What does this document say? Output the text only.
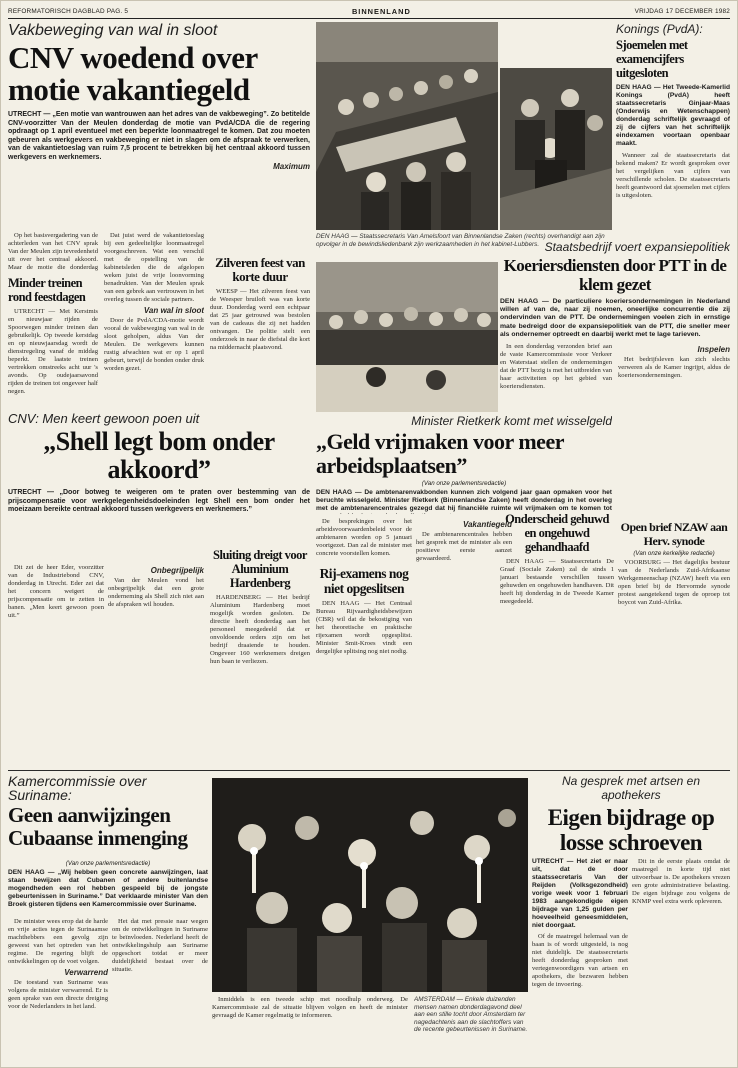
REFORMATORISCH DAGBLAD PAG. 5	BINNENLAND	VRIJDAG 17 DECEMBER 1982
Vakbeweging van wal in sloot
CNV woedend over motie vakantiegeld
UTRECHT — „Een motie van wantrouwen aan het adres van de vakbeweging”. Zo betitelde CNV-voorzitter Van der Meulen donderdag de motie van PvdA/CDA die de regering opdraagt op 1 april eventueel met een beperkte loonmaatregel te komen. Dat zou moeten gebeuren als werkgevers en vakbeweging er niet in slagen om de afspraak te verwerken, van de vakantietoeslag van ruim 7,5 procent te betrekken bij het centraal akkoord tussen werkgevers en werknemers.

Op het basisvergadering van de achterleden van het CNV sprak Van der Meulen zijn tevredenheid uit over het centraal akkoord. Maar de motie die donderdag

Dat juist werd de vakantietoeslag bij een gedeeltelijke loonmaatregel voorgeschreven. Wat een verschil met de opstelling van de kabinetsleden die de afgelopen weken juist de vrije loonvorming benadrukten. Van der Meulen sprak van een gebrek aan vertrouwen in het overleg tussen de sociale partners.

Van wal in sloot

Door de PvdA/CDA-motie wordt vooral de vakbeweging van wal in de sloot geholpen, aldus Van der Meulen. De werkgevers kunnen rustig afwachten wat er op 1 april gebeurt, terwijl de bonden onder druk worden gezet.

Maximum
Minder treinen rond feestdagen

UTRECHT — Met Kerstmis en nieuwjaar rijden de Spoorwegen minder treinen dan gebruikelijk. Op tweede kerstdag en op nieuwjaarsdag wordt de dienstregeling vanaf de middag beperkt. De laatste treinen vertrekken omstreeks acht uur 's avonds. Op oudejaarsavond rijden de treinen tot ongeveer half negen.

Zilveren feest van korte duur

WEESP — Het zilveren feest van de Weesper bruiloft was van korte duur. Donderdag werd een echtpaar dat 25 jaar getrouwd was bestolen van de cadeaus die zij net hadden ontvangen. De politie stelt een onderzoek in naar de diefstal die kort na middernacht plaatsvond.

DEN HAAG — Staatssecretaris Van Amelsfoort van Binnenlandse Zaken (rechts) overhandigt aan zijn opvolger in de bewindsliedenbank zijn werkzaamheden in het kabinet-Lubbers.
Konings (PvdA):
Sjoemelen met examencijfers uitgesloten
DEN HAAG — Het Tweede-Kamerlid Konings (PvdA) heeft staatssecretaris Ginjaar-Maas (Onderwijs en Wetenschappen) donderdag schriftelijk gevraagd of zij de cijfers van het schriftelijk eindexamen voortaan openbaar maakt.

Wanneer zal de staatssecretaris dat bekend maken? Er wordt gesproken over het vergelijken van cijfers van verschillende scholen. De staatssecretaris heeft geantwoord dat sjoemelen met cijfers is uitgesloten.

Minister Rietkerk komt met wisselgeld
„Geld vrijmaken voor meer arbeidsplaatsen”
(Van onze parlementsredactie)
DEN HAAG — De ambtenarenvakbonden kunnen zich volgend jaar gaan opmaken voor het beruchte wisselgeld. Minister Rietkerk (Binnenlandse Zaken) heeft donderdag in het overleg met de ambtenarencentrales gezegd dat hij financiële ruimte wil vrijmaken om te komen tot

De besprekingen over het arbeidsvoorwaardenbeleid voor de ambtenaren worden op 5 januari voortgezet. Dan zal de minister met concrete voorstellen komen.

Vakantiegeld

De ambtenarencentrales hebben het gesprek met de minister als een positieve eerste aanzet gewaardeerd.

Rij-examens nog niet opgeslitsen

DEN HAAG — Het Centraal Bureau Rijvaardigheidsbewijzen (CBR) wil dat de bekostiging van het theoretische en praktische rijexamen wordt opgesplitst. Minister Smit-Kroes vindt een dergelijke splitsing nog niet nodig.

Staatsbedrijf voert expansiepolitiek
Koeriersdiensten door PTT in de klem gezet
DEN HAAG — De particuliere koeriersondernemingen in Nederland willen af van de, naar zij noemen, oneerlijke concurrentie die zij ondervinden van de PTT. De ondernemingen voelen zich in ernstige mate bedreigd door de expansiepolitiek van de PTT, die sneller meer als ondernemer optreedt en daarbij werkt met te lage tarieven.

In een donderdag verzonden brief aan de vaste Kamercommissie voor Verkeer en Waterstaat stellen de ondernemingen dat de PTT bezig is met het uitbreiden van haar activiteiten op het gebied van koeriersdiensten.

Inspelen

Het bedrijfsleven kan zich slechts verweren als de Kamer ingrijpt, aldus de koeriersondernemingen.

Onderscheid gehuwd en ongehuwd gehandhaafd

DEN HAAG — Staatssecretaris De Graaf (Sociale Zaken) zal de sinds 1 januari bestaande verschillen tussen gehuwden en ongehuwden handhaven. Dit heeft hij donderdag in de Tweede Kamer meegedeeld.

Open brief NZAW aan Herv. synode
(Van onze kerkelijke redactie)

VOORBURG — Het dagelijks bestuur van de Nederlands Zuid-Afrikaanse Werkgemeenschap (NZAW) heeft via een open brief bij de Hervormde synode protest aangetekend tegen de oproep tot boycot van Zuid-Afrika.

CNV: Men keert gewoon poen uit
„Shell legt bom onder akkoord”
UTRECHT — „Door botweg te weigeren om te praten over bestemming van de prijscompensatie voor werkgelegenheidsdoeleinden legt Shell een bom onder het moeizaam bereikte centraal akkoord tussen werkgevers en werknemers.”

Dit zei de heer Eder, voorzitter van de Industriebond CNV, donderdag in Utrecht. Eder zei dat het concern weigert de prijscompensatie om te zetten in banen. „Men keert gewoon poen uit.”

Onbegrijpelijk

Van der Meulen vond het onbegrijpelijk dat een grote onderneming als Shell zich niet aan de afspraken wil houden.

Sluiting dreigt voor Aluminium Hardenberg

HARDENBERG — Het bedrijf Aluminium Hardenberg moet mogelijk worden gesloten. De directie heeft donderdag aan het personeel meegedeeld dat er onvoldoende orders zijn om het bedrijf draaiende te houden. Ongeveer 160 werknemers dreigen hun baan te verliezen.

Kamercommissie over Suriname:
Geen aanwijzingen Cubaanse inmenging
(Van onze parlementsredactie)
DEN HAAG — „Wij hebben geen concrete aanwijzingen, laat staan bewijzen dat Cubanen of andere buitenlandse mogendheden een rol hebben gespeeld bij de jongste gebeurtenissen in Suriname.” Dat verklaarde minister Van den Broek gisteren tijdens een Kamercommissie over Suriname.

De minister wees erop dat de harde en vrije acties tegen de Surinaamse machthebbers een gevolg zijn geweest van het optreden van het regime. De regering blijft de ontwikkelingen op de voet volgen.

Verwarrend

De toestand van Suriname was volgens de minister verwarrend. Er is geen sprake van een directe dreiging voor de Nederlanders in het land.

Het dat met pressie naar wegen om de ontwikkelingen in Suriname te beïnvloeden. Nederland heeft de ontwikkelingshulp aan Suriname opgeschort totdat er meer duidelijkheid bestaat over de situatie.

Inmiddels is een tweede schip met noodhulp onderweg. De Kamercommissie zal de situatie blijven volgen en heeft de minister gevraagd de Kamer regelmatig te informeren.

AMSTERDAM — Enkele duizenden mensen namen donderdagavond deel aan een stille tocht door Amsterdam ter nagedachtenis aan de slachtoffers van de recente gebeurtenissen in Suriname.
Na gesprek met artsen en apothekers
Eigen bijdrage op losse schroeven
UTRECHT — Het ziet er naar uit, dat de door staatssecretaris Van der Reijden (Volksgezondheid) vorige week voor 1 februari 1983 aangekondigde eigen bijdrage van 1,25 gulden per hoeveelheid geneesmiddelen, niet doorgaat.

Of de maatregel helemaal van de baan is of wordt uitgesteld, is nog niet duidelijk. De staatssecretaris heeft donderdag gesproken met vertegenwoordigers van artsen en apothekers, die bezwaren hebben tegen de invoering.

Dit in de eerste plaats omdat de maatregel in korte tijd niet uitvoerbaar is. De apothekers vrezen een grote administratieve belasting. De eigen bijdrage zou volgens de KNMP veel extra werk opleveren.
